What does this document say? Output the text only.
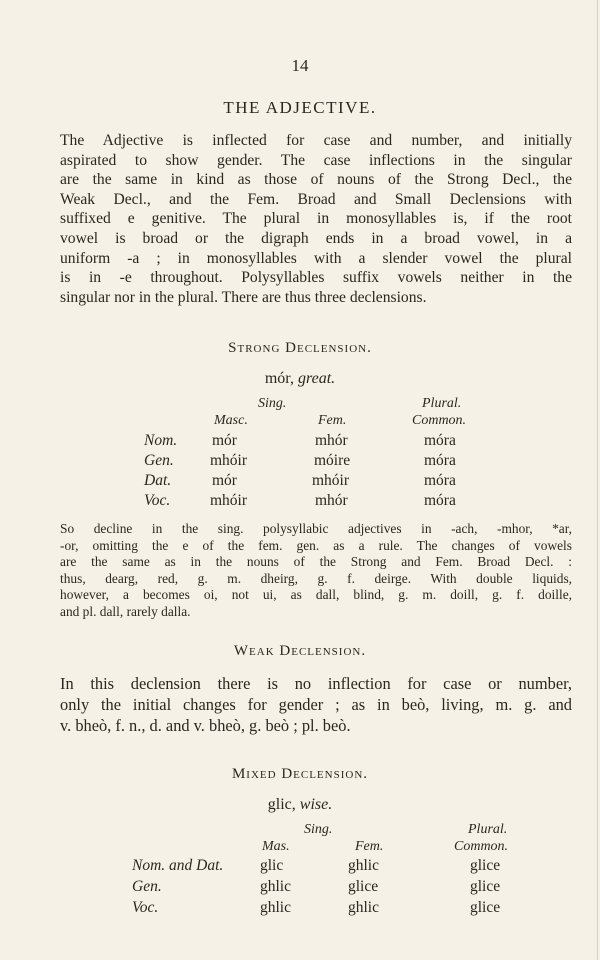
14
THE ADJECTIVE.
The Adjective is inflected for case and number, and initially
aspirated to show gender. The case inflections in the singular
are the same in kind as those of nouns of the Strong Decl., the
Weak Decl., and the Fem. Broad and Small Declensions with
suffixed e genitive. The plural in monosyllables is, if the root
vowel is broad or the digraph ends in a broad vowel, in a
uniform -a ; in monosyllables with a slender vowel the plural
is in -e throughout. Polysyllables suffix vowels neither in the
singular nor in the plural. There are thus three declensions.
Strong Declension.
mór, great.
Sing.	Plural.
Masc.	Fem.	Common.
Nom. mór	mhór	móra
Gen. mhóir	móire	móra
Dat.	mór	mhóir	móra
Voc.	mhóir	mhór	móra
So decline in the sing. polysyllabic adjectives in -ach, -mhor, *ar,
-or, omitting the e of the fem. gen. as a rule. The changes of vowels
are the same as in the nouns of the Strong and Fem. Broad Decl. :
thus, dearg, red, g. m. dheirg, g. f. deirge. With double liquids,
however, a becomes oi, not ui, as dall, blind, g. m. doill, g. f. doille,
and pl. dall, rarely dalla.
Weak Declension.
In this declension there is no inflection for case or number,
only the initial changes for gender ; as in beò, living, m. g. and
v. bheò, f. n., d. and v. bheò, g. beò ; pl. beò.
Mixed Declension.
glic, wise.
Sing.	Plural.
Mas.	Fem.	Common.
Nom. and Dat. glic	ghlic	glice
Gen.	ghlic	glice	glice
Voc.	ghlic	ghlic	glice
